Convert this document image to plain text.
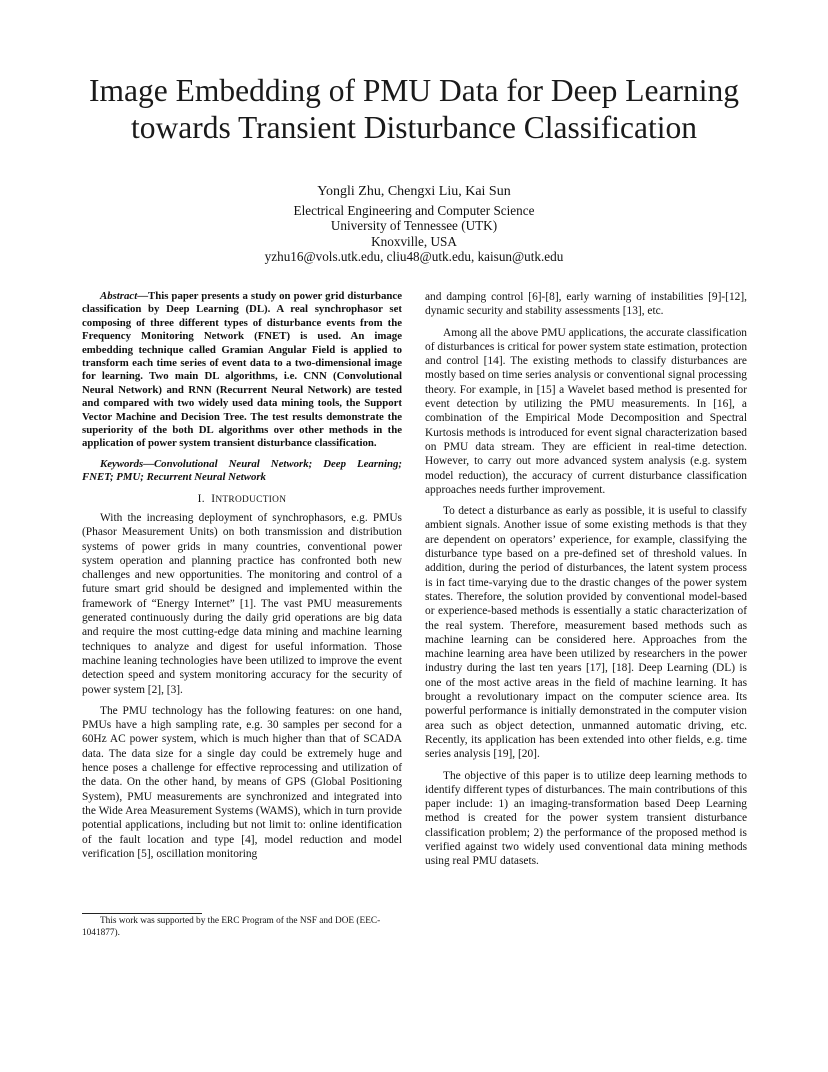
Image Embedding of PMU Data for Deep Learning
towards Transient Disturbance Classification
Yongli Zhu, Chengxi Liu, Kai Sun
Electrical Engineering and Computer Science
University of Tennessee (UTK)
Knoxville, USA
yzhu16@vols.utk.edu, cliu48@utk.edu, kaisun@utk.edu

Abstract—This paper presents a study on power grid disturbance classification by Deep Learning (DL). A real synchrophasor set composing of three different types of disturbance events from the Frequency Monitoring Network (FNET) is used. An image embedding technique called Gramian Angular Field is applied to transform each time series of event data to a two-dimensional image for learning. Two main DL algorithms, i.e. CNN (Convolutional Neural Network) and RNN (Recurrent Neural Network) are tested and compared with two widely used data mining tools, the Support Vector Machine and Decision Tree. The test results demonstrate the superiority of the both DL algorithms over other methods in the application of power system transient disturbance classification.

Keywords—Convolutional Neural Network; Deep Learning; FNET; PMU; Recurrent Neural Network

I. INTRODUCTION

With the increasing deployment of synchrophasors, e.g. PMUs (Phasor Measurement Units) on both transmission and distribution systems of power grids in many countries, conventional power system operation and planning practice has confronted both new challenges and new opportunities. The monitoring and control of a future smart grid should be designed and implemented within the framework of “Energy Internet” [1]. The vast PMU measurements generated continuously during the daily grid operations are big data and require the most cutting-edge data mining and machine learning techniques to analyze and digest for useful information. Those machine leaning technologies have been utilized to improve the event detection speed and system monitoring accuracy for the security of power system [2], [3].

The PMU technology has the following features: on one hand, PMUs have a high sampling rate, e.g. 30 samples per second for a 60Hz AC power system, which is much higher than that of SCADA data. The data size for a single day could be extremely huge and hence poses a challenge for effective reprocessing and utilization of the data. On the other hand, by means of GPS (Global Positioning System), PMU measurements are synchronized and integrated into the Wide Area Measurement Systems (WAMS), which in turn provide potential applications, including but not limit to: online identification of the fault location and type [4], model reduction and model verification [5], oscillation monitoring

and damping control [6]-[8], early warning of instabilities [9]-[12], dynamic security and stability assessments [13], etc.

Among all the above PMU applications, the accurate classification of disturbances is critical for power system state estimation, protection and control [14]. The existing methods to classify disturbances are mostly based on time series analysis or conventional signal processing theory. For example, in [15] a Wavelet based method is presented for event detection by utilizing the PMU measurements. In [16], a combination of the Empirical Mode Decomposition and Spectral Kurtosis methods is introduced for event signal characterization based on PMU data stream. They are efficient in real-time detection. However, to carry out more advanced system analysis (e.g. system model reduction), the accuracy of current disturbance classification approaches needs further improvement.

To detect a disturbance as early as possible, it is useful to classify ambient signals. Another issue of some existing methods is that they are dependent on operators’ experience, for example, classifying the disturbance type based on a pre-defined set of threshold values. In addition, during the period of disturbances, the latent system process is in fact time-varying due to the drastic changes of the power system states. Therefore, the solution provided by conventional model-based or experience-based methods is essentially a static characterization of the real system. Therefore, measurement based methods such as machine learning can be considered here. Approaches from the machine learning area have been utilized by researchers in the power industry during the last ten years [17], [18]. Deep Learning (DL) is one of the most active areas in the field of machine learning. It has brought a revolutionary impact on the computer science area. Its powerful performance is initially demonstrated in the computer vision area such as object detection, unmanned automatic driving, etc. Recently, its application has been extended into other fields, e.g. time series analysis [19], [20].

The objective of this paper is to utilize deep learning methods to identify different types of disturbances. The main contributions of this paper include: 1) an imaging-transformation based Deep Learning method is created for the power system transient disturbance classification problem; 2) the performance of the proposed method is verified against two widely used conventional data mining methods using real PMU datasets.

This work was supported by the ERC Program of the NSF and DOE (EEC-1041877).
